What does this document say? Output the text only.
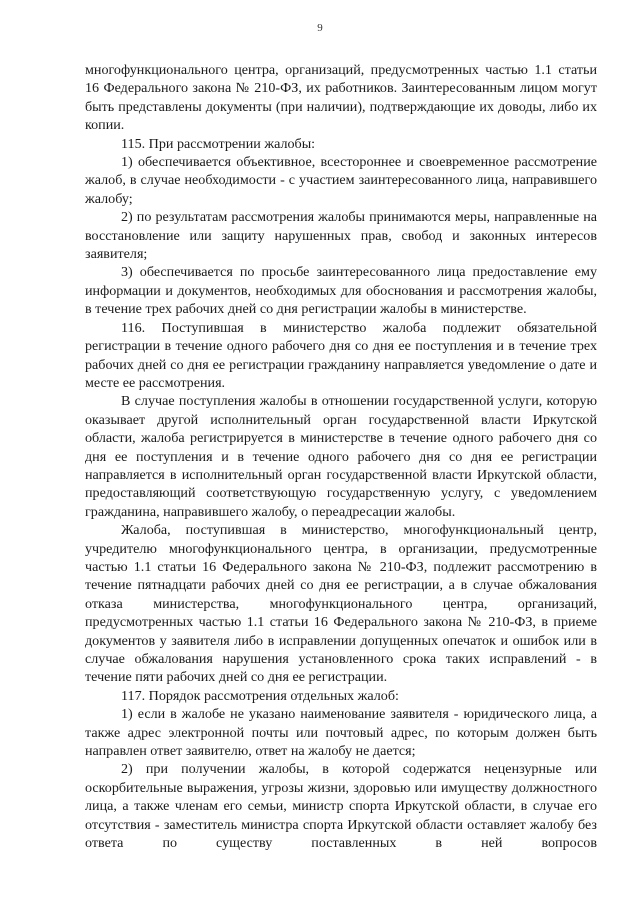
9

многофункционального центра, организаций, предусмотренных частью 1.1 статьи 16 Федерального закона № 210-ФЗ, их работников. Заинтересованным лицом могут быть представлены документы (при наличии), подтверждающие их доводы, либо их копии.

115. При рассмотрении жалобы:

1) обеспечивается объективное, всестороннее и своевременное рассмотрение жалоб, в случае необходимости - с участием заинтересованного лица, направившего жалобу;

2) по результатам рассмотрения жалобы принимаются меры, направленные на восстановление или защиту нарушенных прав, свобод и законных интересов заявителя;

3) обеспечивается по просьбе заинтересованного лица предоставление ему информации и документов, необходимых для обоснования и рассмотрения жалобы, в течение трех рабочих дней со дня регистрации жалобы в министерстве.

116. Поступившая в министерство жалоба подлежит обязательной регистрации в течение одного рабочего дня со дня ее поступления и в течение трех рабочих дней со дня ее регистрации гражданину направляется уведомление о дате и месте ее рассмотрения.

В случае поступления жалобы в отношении государственной услуги, которую оказывает другой исполнительный орган государственной власти Иркутской области, жалоба регистрируется в министерстве в течение одного рабочего дня со дня ее поступления и в течение одного рабочего дня со дня ее регистрации направляется в исполнительный орган государственной власти Иркутской области, предоставляющий соответствующую государственную услугу, с уведомлением гражданина, направившего жалобу, о переадресации жалобы.

Жалоба, поступившая в министерство, многофункциональный центр, учредителю многофункционального центра, в организации, предусмотренные частью 1.1 статьи 16 Федерального закона № 210-ФЗ, подлежит рассмотрению в течение пятнадцати рабочих дней со дня ее регистрации, а в случае обжалования отказа министерства, многофункционального центра, организаций, предусмотренных частью 1.1 статьи 16 Федерального закона № 210-ФЗ, в приеме документов у заявителя либо в исправлении допущенных опечаток и ошибок или в случае обжалования нарушения установленного срока таких исправлений - в течение пяти рабочих дней со дня ее регистрации.

117. Порядок рассмотрения отдельных жалоб:

1) если в жалобе не указано наименование заявителя - юридического лица, а также адрес электронной почты или почтовый адрес, по которым должен быть направлен ответ заявителю, ответ на жалобу не дается;

2) при получении жалобы, в которой содержатся нецензурные или оскорбительные выражения, угрозы жизни, здоровью или имуществу должностного лица, а также членам его семьи, министр спорта Иркутской области, в случае его отсутствия - заместитель министра спорта Иркутской области оставляет жалобу без ответа по существу поставленных в ней вопросов
